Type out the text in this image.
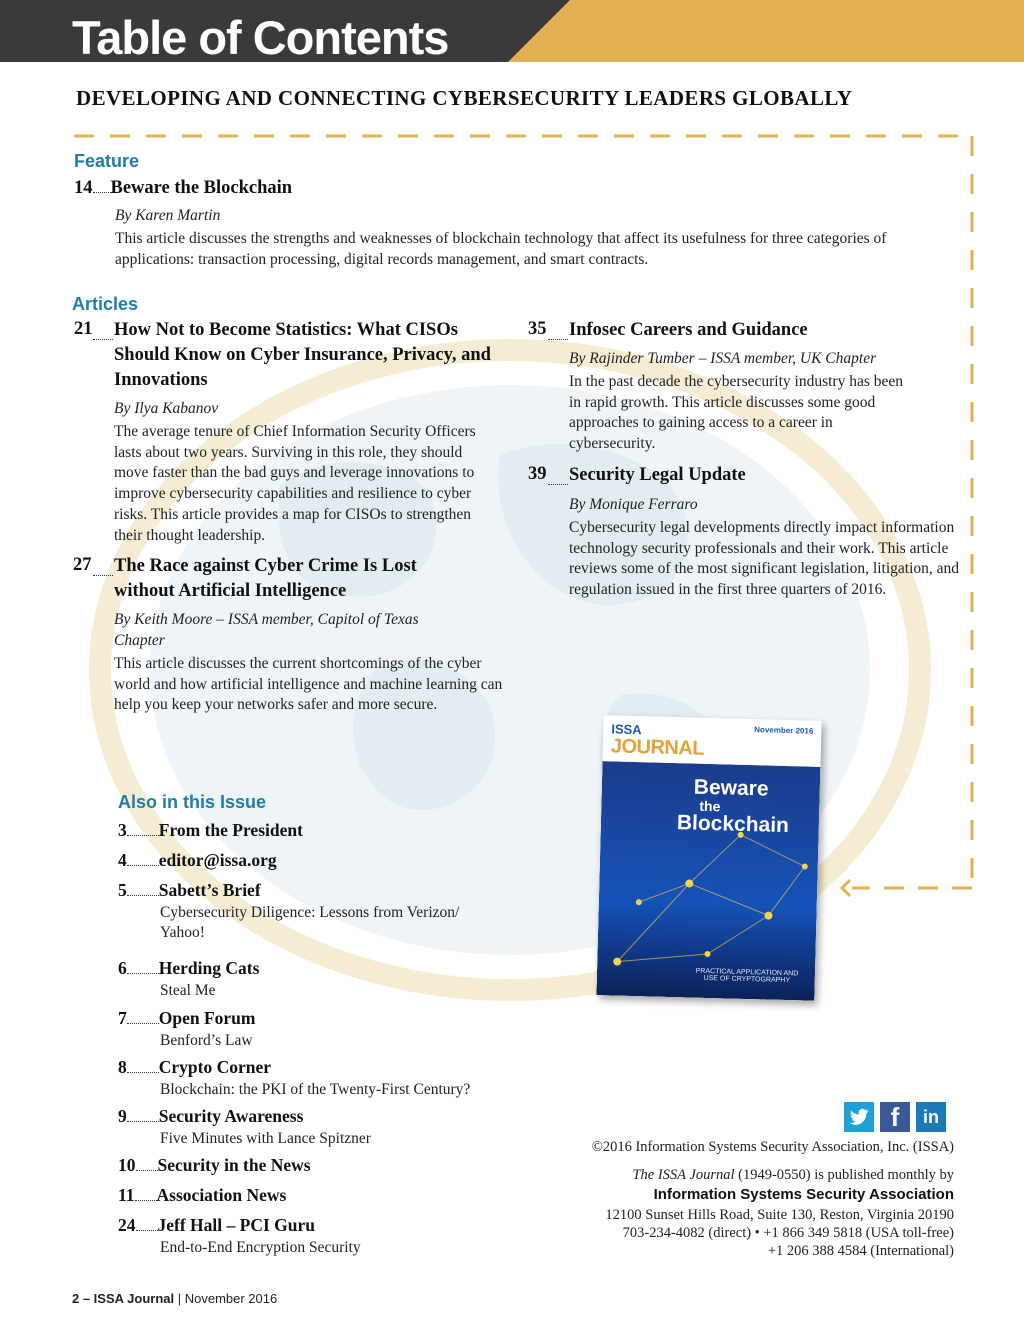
Table of Contents
DEVELOPING AND CONNECTING CYBERSECURITY LEADERS GLOBALLY
Feature
14 Beware the Blockchain
By Karen Martin
This article discusses the strengths and weaknesses of blockchain technology that affect its usefulness for three categories of applications: transaction processing, digital records management, and smart contracts.
Articles
21 How Not to Become Statistics: What CISOs Should Know on Cyber Insurance, Privacy, and Innovations
By Ilya Kabanov
The average tenure of Chief Information Security Officers lasts about two years. Surviving in this role, they should move faster than the bad guys and leverage innovations to improve cybersecurity capabilities and resilience to cyber risks. This article provides a map for CISOs to strengthen their thought leadership.
27 The Race against Cyber Crime Is Lost without Artificial Intelligence
By Keith Moore – ISSA member, Capitol of Texas Chapter
This article discusses the current shortcomings of the cyber world and how artificial intelligence and machine learning can help you keep your networks safer and more secure.
35 Infosec Careers and Guidance
By Rajinder Tumber – ISSA member, UK Chapter
In the past decade the cybersecurity industry has been in rapid growth. This article discusses some good approaches to gaining access to a career in cybersecurity.
39 Security Legal Update
By Monique Ferraro
Cybersecurity legal developments directly impact information technology security professionals and their work. This article reviews some of the most significant legislation, litigation, and regulation issued in the first three quarters of 2016.
Also in this Issue
3 From the President
4 editor@issa.org
5 Sabett’s Brief
Cybersecurity Diligence: Lessons from Verizon/ Yahoo!
6 Herding Cats
Steal Me
7 Open Forum
Benford’s Law
8 Crypto Corner
Blockchain: the PKI of the Twenty-First Century?
9 Security Awareness
Five Minutes with Lance Spitzner
10 Security in the News
11 Association News
24 Jeff Hall – PCI Guru
End-to-End Encryption Security
ISSA
JOURNAL
November 2016
Beware
the
Blockchain
PRACTICAL APPLICATION AND USE OF CRYPTOGRAPHY
f	in
©2016 Information Systems Security Association, Inc. (ISSA)
The ISSA Journal (1949-0550) is published monthly by
Information Systems Security Association
12100 Sunset Hills Road, Suite 130, Reston, Virginia 20190
703-234-4082 (direct) • +1 866 349 5818 (USA toll-free)
+1 206 388 4584 (International)
2 – ISSA Journal | November 2016
